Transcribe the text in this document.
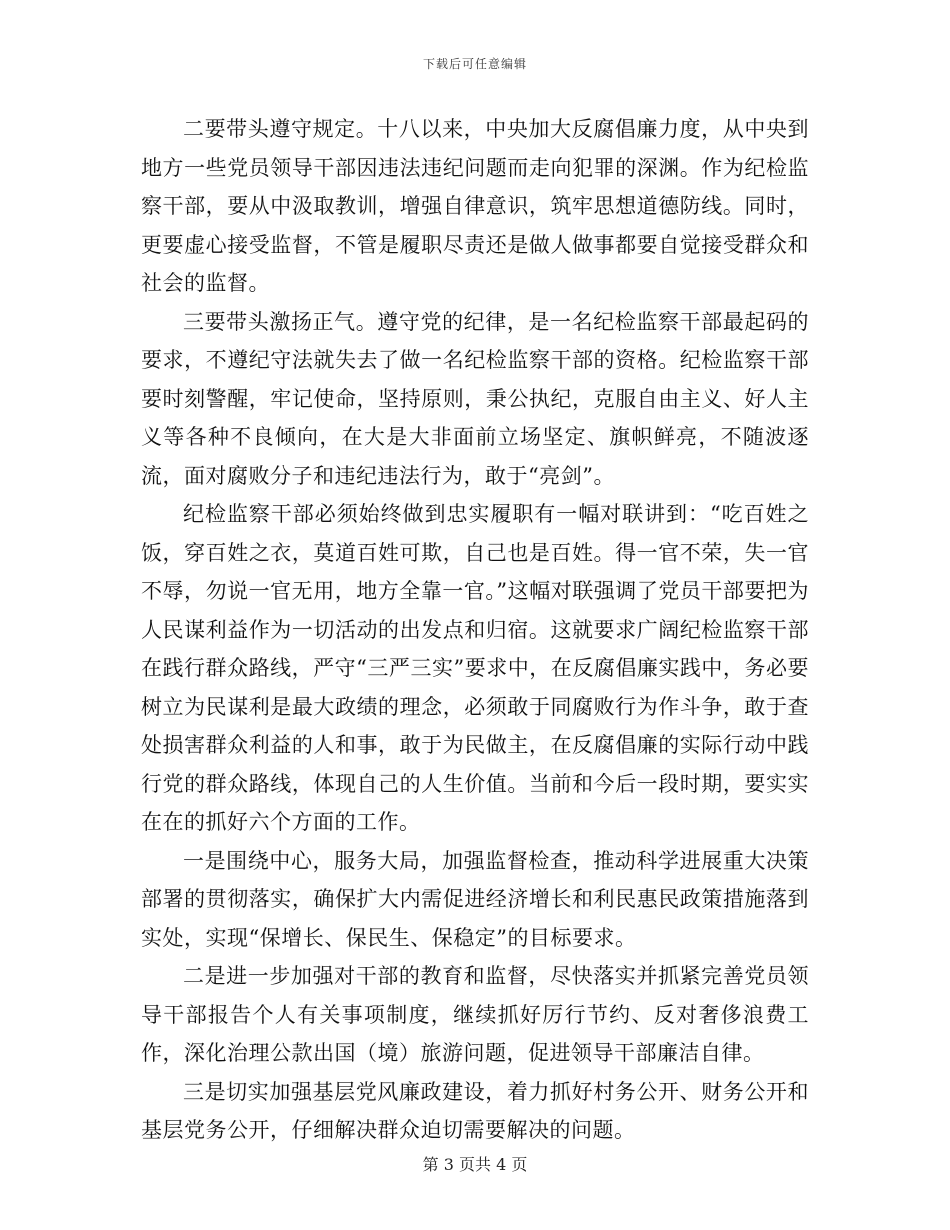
下载后可任意编辑

二要带头遵守规定。十八以来，中央加大反腐倡廉力度，从中央到地方一些党员领导干部因违法违纪问题而走向犯罪的深渊。作为纪检监察干部，要从中汲取教训，增强自律意识，筑牢思想道德防线。同时，更要虚心接受监督，不管是履职尽责还是做人做事都要自觉接受群众和社会的监督。

三要带头激扬正气。遵守党的纪律，是一名纪检监察干部最起码的要求，不遵纪守法就失去了做一名纪检监察干部的资格。纪检监察干部要时刻警醒，牢记使命，坚持原则，秉公执纪，克服自由主义、好人主义等各种不良倾向，在大是大非面前立场坚定、旗帜鲜亮，不随波逐流，面对腐败分子和违纪违法行为，敢于“亮剑”。

纪检监察干部必须始终做到忠实履职有一幅对联讲到：“吃百姓之饭，穿百姓之衣，莫道百姓可欺，自己也是百姓。得一官不荣，失一官不辱，勿说一官无用，地方全靠一官。”这幅对联强调了党员干部要把为人民谋利益作为一切活动的出发点和归宿。这就要求广阔纪检监察干部在践行群众路线，严守“三严三实”要求中，在反腐倡廉实践中，务必要树立为民谋利是最大政绩的理念，必须敢于同腐败行为作斗争，敢于查处损害群众利益的人和事，敢于为民做主，在反腐倡廉的实际行动中践行党的群众路线，体现自己的人生价值。当前和今后一段时期，要实实在在的抓好六个方面的工作。

一是围绕中心，服务大局，加强监督检查，推动科学进展重大决策部署的贯彻落实，确保扩大内需促进经济增长和利民惠民政策措施落到实处，实现“保增长、保民生、保稳定”的目标要求。

二是进一步加强对干部的教育和监督，尽快落实并抓紧完善党员领导干部报告个人有关事项制度，继续抓好厉行节约、反对奢侈浪费工作，深化治理公款出国（境）旅游问题，促进领导干部廉洁自律。

三是切实加强基层党风廉政建设，着力抓好村务公开、财务公开和基层党务公开，仔细解决群众迫切需要解决的问题。

第 3 页共 4 页
